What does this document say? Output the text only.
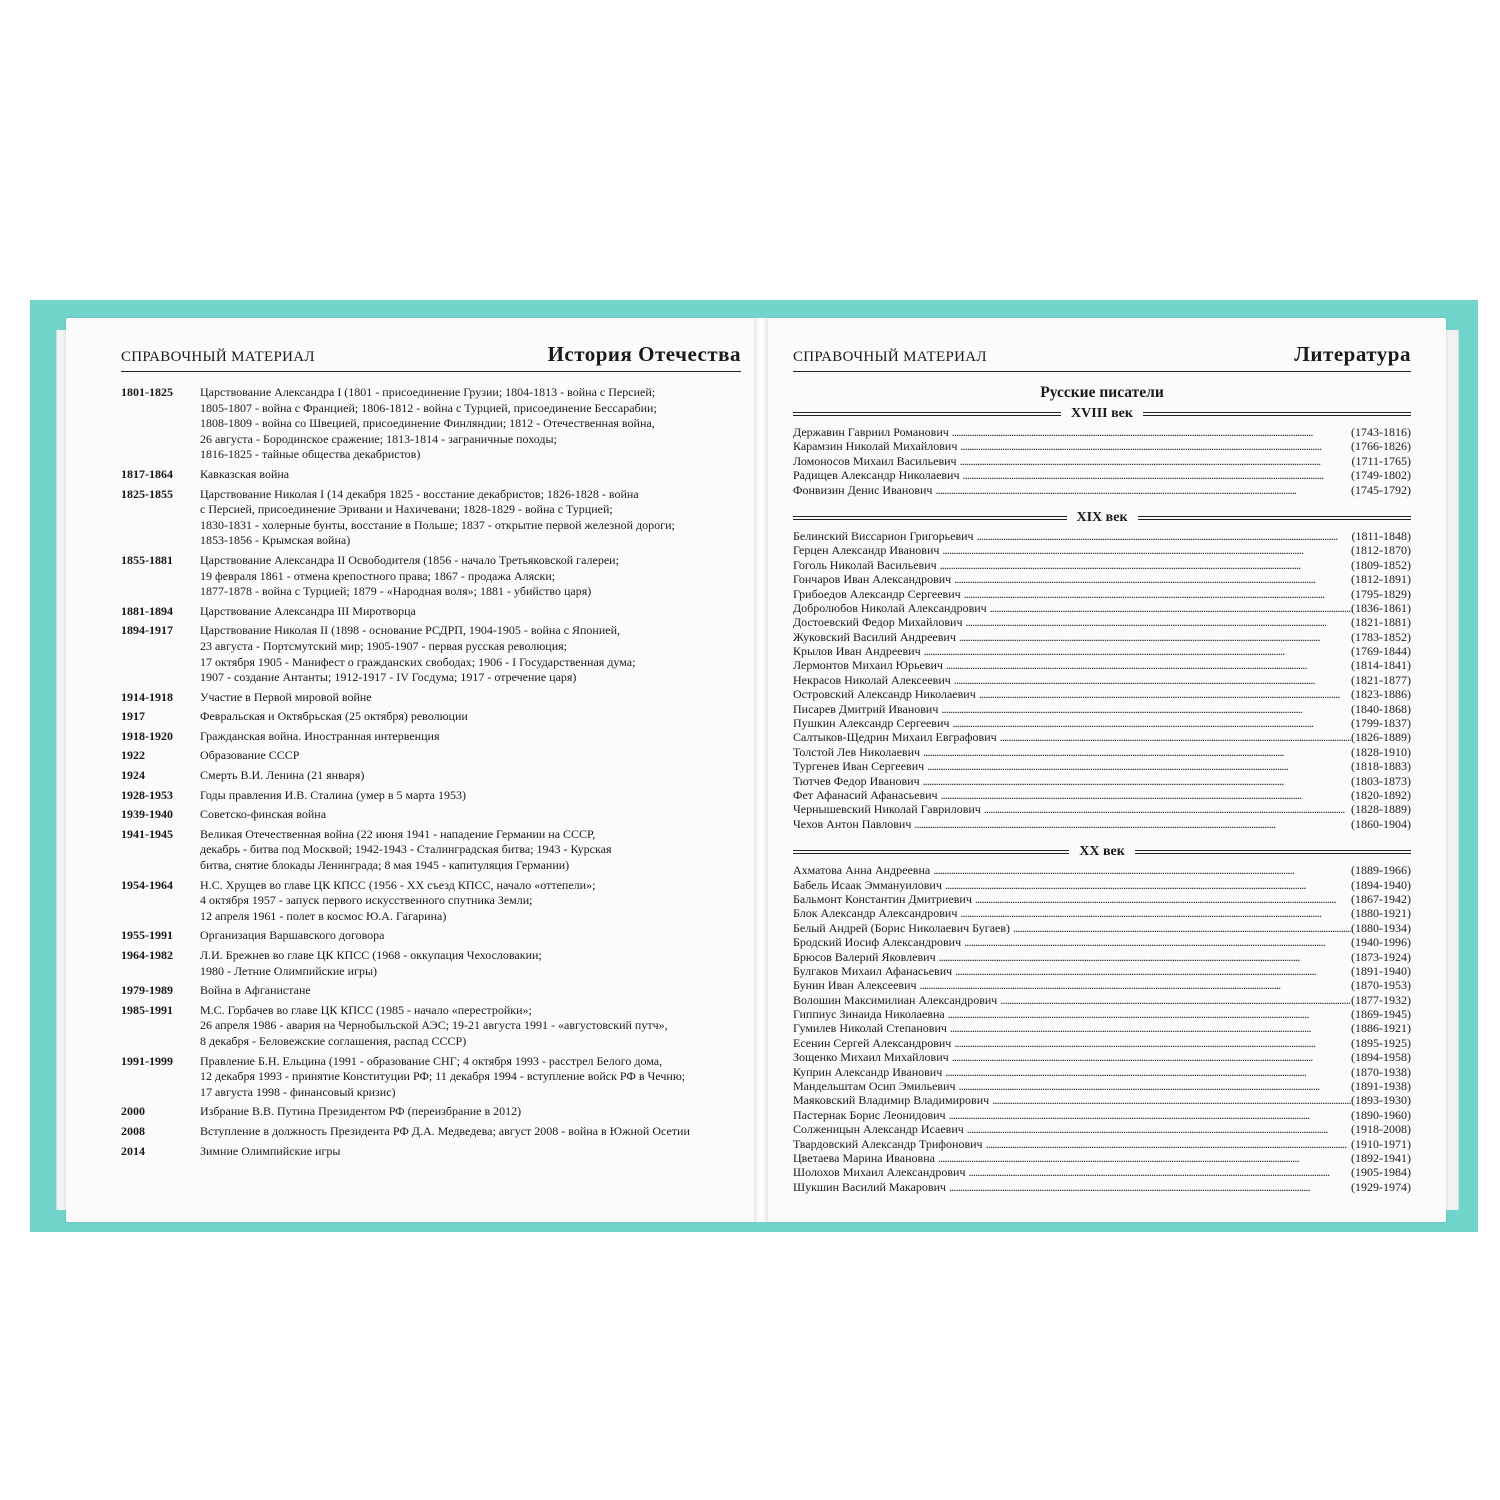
СПРАВОЧНЫЙ МАТЕРИАЛ	История Отечества
1801-1825	Царствование Александра I (1801 - присоединение Грузии; 1804-1813 - война с Персией;
1805-1807 - война с Францией; 1806-1812 - война с Турцией, присоединение Бессарабии;
1808-1809 - война со Швецией, присоединение Финляндии; 1812 - Отечественная война,
26 августа - Бородинское сражение; 1813-1814 - заграничные походы;
1816-1825 - тайные общества декабристов)
1817-1864	Кавказская война
1825-1855	Царствование Николая I (14 декабря 1825 - восстание декабристов; 1826-1828 - война
с Персией, присоединение Эривани и Нахичевани; 1828-1829 - война с Турцией;
1830-1831 - холерные бунты, восстание в Польше; 1837 - открытие первой железной дороги;
1853-1856 - Крымская война)
1855-1881	Царствование Александра II Освободителя (1856 - начало Третьяковской галереи;
19 февраля 1861 - отмена крепостного права; 1867 - продажа Аляски;
1877-1878 - война с Турцией; 1879 - «Народная воля»; 1881 - убийство царя)
1881-1894	Царствование Александра III Миротворца
1894-1917	Царствование Николая II (1898 - основание РСДРП, 1904-1905 - война с Японией,
23 августа - Портсмутский мир; 1905-1907 - первая русская революция;
17 октября 1905 - Манифест о гражданских свободах; 1906 - I Государственная дума;
1907 - создание Антанты; 1912-1917 - IV Госдума; 1917 - отречение царя)
1914-1918	Участие в Первой мировой войне
1917	Февральская и Октябрьская (25 октября) революции
1918-1920	Гражданская война. Иностранная интервенция
1922	Образование СССР
1924	Смерть В.И. Ленина (21 января)
1928-1953	Годы правления И.В. Сталина (умер в 5 марта 1953)
1939-1940	Советско-финская война
1941-1945	Великая Отечественная война (22 июня 1941 - нападение Германии на СССР,
декабрь - битва под Москвой; 1942-1943 - Сталинградская битва; 1943 - Курская
битва, снятие блокады Ленинграда; 8 мая 1945 - капитуляция Германии)
1954-1964	Н.С. Хрущев во главе ЦК КПСС (1956 - XX съезд КПСС, начало «оттепели»;
4 октября 1957 - запуск первого искусственного спутника Земли;
12 апреля 1961 - полет в космос Ю.А. Гагарина)
1955-1991	Организация Варшавского договора
1964-1982	Л.И. Брежнев во главе ЦК КПСС (1968 - оккупация Чехословакии;
1980 - Летние Олимпийские игры)
1979-1989	Война в Афганистане
1985-1991	М.С. Горбачев во главе ЦК КПСС (1985 - начало «перестройки»;
26 апреля 1986 - авария на Чернобыльской АЭС; 19-21 августа 1991 - «августовский путч»,
8 декабря - Беловежские соглашения, распад СССР)
1991-1999	Правление Б.Н. Ельцина (1991 - образование СНГ; 4 октября 1993 - расстрел Белого дома,
12 декабря 1993 - принятие Конституции РФ; 11 декабря 1994 - вступление войск РФ в Чечню;
17 августа 1998 - финансовый кризис)
2000	Избрание В.В. Путина Президентом РФ (переизбрание в 2012)
2008	Вступление в должность Президента РФ Д.А. Медведева; август 2008 - война в Южной Осетии
2014	Зимние Олимпийские игры
СПРАВОЧНЫЙ МАТЕРИАЛ	Литература
Русские писатели
XVIII век
Державин Гавриил Романович . . .	(1743-1816)
Карамзин Николай Михайлович . . .	(1766-1826)
Ломоносов Михаил Васильевич . . .	(1711-1765)
Радищев Александр Николаевич . . .	(1749-1802)
Фонвизин Денис Иванович . . .	(1745-1792)
XIX век
Белинский Виссарион Григорьевич . . .	(1811-1848)
Герцен Александр Иванович . . .	(1812-1870)
Гоголь Николай Васильевич . . .	(1809-1852)
Гончаров Иван Александрович . . .	(1812-1891)
Грибоедов Александр Сергеевич . . .	(1795-1829)
Добролюбов Николай Александрович . . .	(1836-1861)
Достоевский Федор Михайлович . . .	(1821-1881)
Жуковский Василий Андреевич . . .	(1783-1852)
Крылов Иван Андреевич . . .	(1769-1844)
Лермонтов Михаил Юрьевич . . .	(1814-1841)
Некрасов Николай Алексеевич . . .	(1821-1877)
Островский Александр Николаевич . . .	(1823-1886)
Писарев Дмитрий Иванович . . .	(1840-1868)
Пушкин Александр Сергеевич . . .	(1799-1837)
Салтыков-Щедрин Михаил Евграфович . . .	(1826-1889)
Толстой Лев Николаевич . . .	(1828-1910)
Тургенев Иван Сергеевич . . .	(1818-1883)
Тютчев Федор Иванович . . .	(1803-1873)
Фет Афанасий Афанасьевич . . .	(1820-1892)
Чернышевский Николай Гаврилович . . .	(1828-1889)
Чехов Антон Павлович . . .	(1860-1904)
XX век
Ахматова Анна Андреевна . . .	(1889-1966)
Бабель Исаак Эммануилович . . .	(1894-1940)
Бальмонт Константин Дмитриевич . . .	(1867-1942)
Блок Александр Александрович . . .	(1880-1921)
Белый Андрей (Борис Николаевич Бугаев) . . .	(1880-1934)
Бродский Иосиф Александрович . . .	(1940-1996)
Брюсов Валерий Яковлевич . . .	(1873-1924)
Булгаков Михаил Афанасьевич . . .	(1891-1940)
Бунин Иван Алексеевич . . .	(1870-1953)
Волошин Максимилиан Александрович . . .	(1877-1932)
Гиппиус Зинаида Николаевна . . .	(1869-1945)
Гумилев Николай Степанович . . .	(1886-1921)
Есенин Сергей Александрович . . .	(1895-1925)
Зощенко Михаил Михайлович . . .	(1894-1958)
Куприн Александр Иванович . . .	(1870-1938)
Мандельштам Осип Эмильевич . . .	(1891-1938)
Маяковский Владимир Владимирович . . .	(1893-1930)
Пастернак Борис Леонидович . . .	(1890-1960)
Солженицын Александр Исаевич . . .	(1918-2008)
Твардовский Александр Трифонович . . .	(1910-1971)
Цветаева Марина Ивановна . . .	(1892-1941)
Шолохов Михаил Александрович . . .	(1905-1984)
Шукшин Василий Макарович . . .	(1929-1974)
